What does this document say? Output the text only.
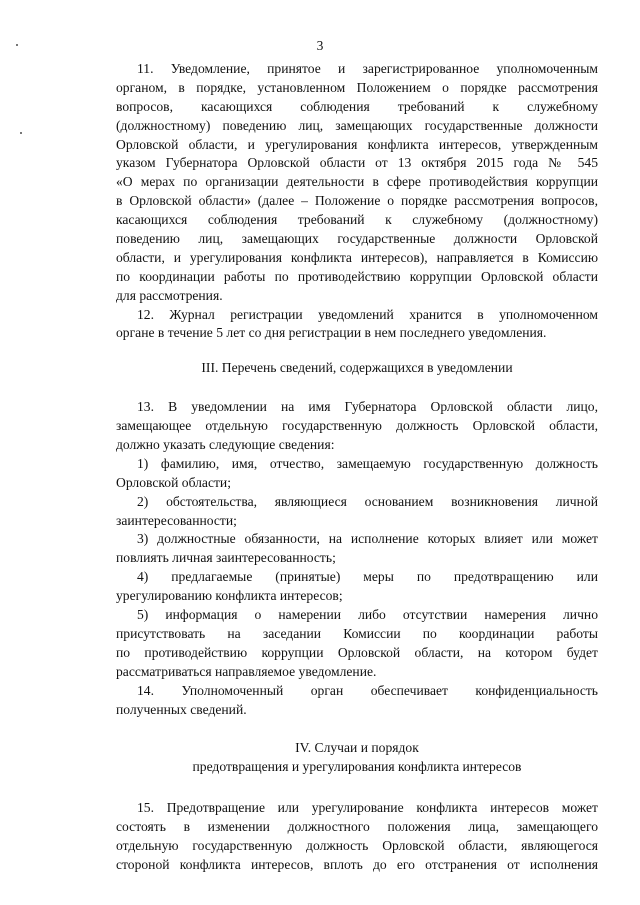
3
11. Уведомление, принятое и зарегистрированное уполномоченным
органом, в порядке, установленном Положением о порядке рассмотрения
вопросов, касающихся соблюдения требований к служебному
(должностному) поведению лиц, замещающих государственные должности
Орловской области, и урегулирования конфликта интересов, утвержденным
указом Губернатора Орловской области от 13 октября 2015 года № 545
«О мерах по организации деятельности в сфере противодействия коррупции
в Орловской области» (далее – Положение о порядке рассмотрения вопросов,
касающихся соблюдения требований к служебному (должностному)
поведению лиц, замещающих государственные должности Орловской
области, и урегулирования конфликта интересов), направляется в Комиссию
по координации работы по противодействию коррупции Орловской области
для рассмотрения.
12. Журнал регистрации уведомлений хранится в уполномоченном
органе в течение 5 лет со дня регистрации в нем последнего уведомления.
III. Перечень сведений, содержащихся в уведомлении
13. В уведомлении на имя Губернатора Орловской области лицо,
замещающее отдельную государственную должность Орловской области,
должно указать следующие сведения:
1) фамилию, имя, отчество, замещаемую государственную должность
Орловской области;
2) обстоятельства, являющиеся основанием возникновения личной
заинтересованности;
3) должностные обязанности, на исполнение которых влияет или может
повлиять личная заинтересованность;
4) предлагаемые (принятые) меры по предотвращению или
урегулированию конфликта интересов;
5) информация о намерении либо отсутствии намерения лично
присутствовать на заседании Комиссии по координации работы
по противодействию коррупции Орловской области, на котором будет
рассматриваться направляемое уведомление.
14. Уполномоченный орган обеспечивает конфиденциальность
полученных сведений.
IV. Случаи и порядок
предотвращения и урегулирования конфликта интересов
15. Предотвращение или урегулирование конфликта интересов может
состоять в изменении должностного положения лица, замещающего
отдельную государственную должность Орловской области, являющегося
стороной конфликта интересов, вплоть до его отстранения от исполнения
